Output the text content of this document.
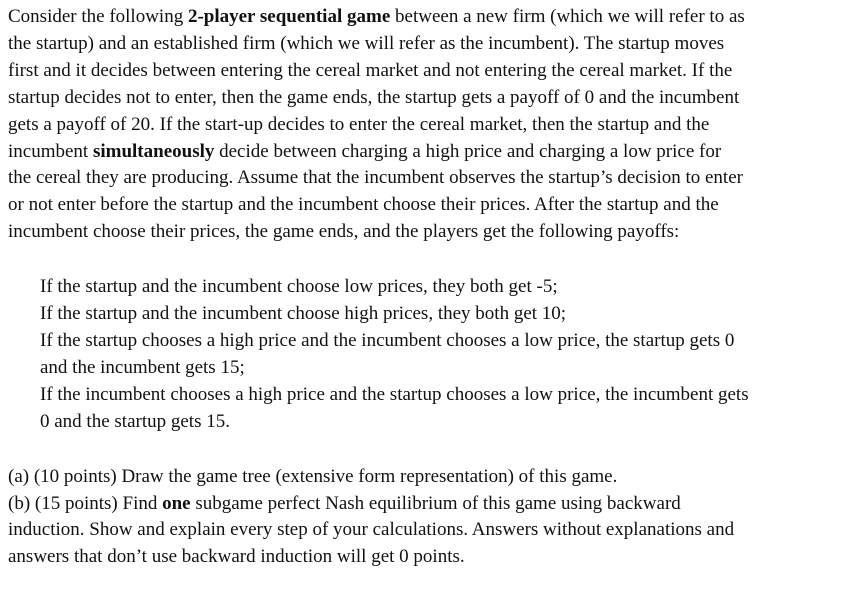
Consider the following 2-player sequential game between a new firm (which we will refer to as
the startup) and an established firm (which we will refer as the incumbent). The startup moves
first and it decides between entering the cereal market and not entering the cereal market. If the
startup decides not to enter, then the game ends, the startup gets a payoff of 0 and the incumbent
gets a payoff of 20. If the start-up decides to enter the cereal market, then the startup and the
incumbent simultaneously decide between charging a high price and charging a low price for
the cereal they are producing. Assume that the incumbent observes the startup’s decision to enter
or not enter before the startup and the incumbent choose their prices. After the startup and the
incumbent choose their prices, the game ends, and the players get the following payoffs:
If the startup and the incumbent choose low prices, they both get -5;
If the startup and the incumbent choose high prices, they both get 10;
If the startup chooses a high price and the incumbent chooses a low price, the startup gets 0
and the incumbent gets 15;
If the incumbent chooses a high price and the startup chooses a low price, the incumbent gets
0 and the startup gets 15.
(a) (10 points) Draw the game tree (extensive form representation) of this game.
(b) (15 points) Find one subgame perfect Nash equilibrium of this game using backward
induction. Show and explain every step of your calculations. Answers without explanations and
answers that don’t use backward induction will get 0 points.
